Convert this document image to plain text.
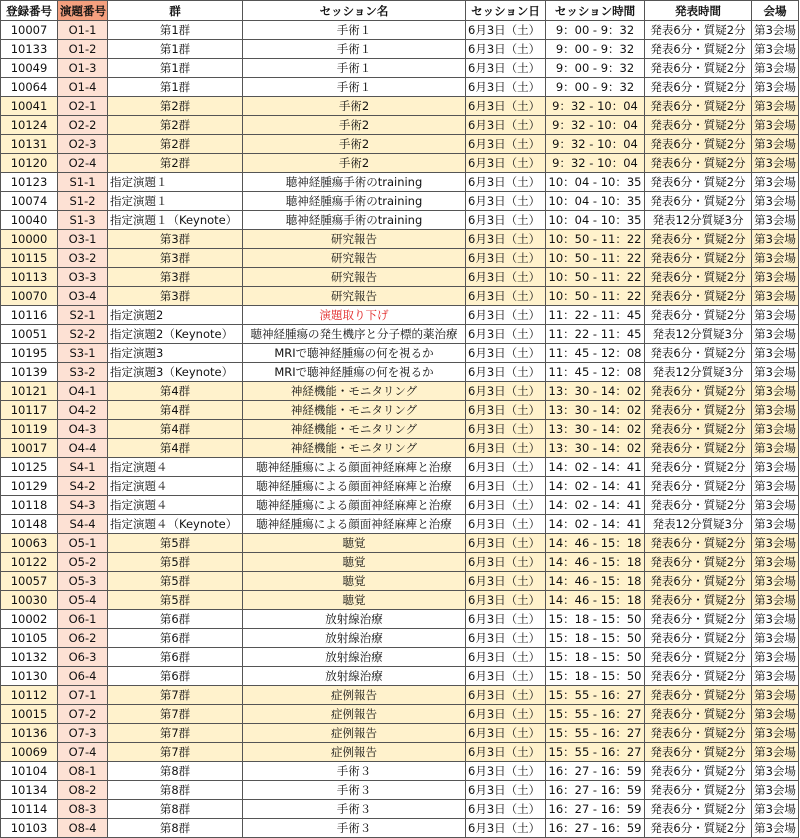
登録番号	演題番号	群	セッション名	セッション日	セッション時間	発表時間	会場
10007	O1-1	第1群	手術１	6月3日（土）	9：00 - 9：32	発表6分・質疑2分	第3会場
10133	O1-2	第1群	手術１	6月3日（土）	9：00 - 9：32	発表6分・質疑2分	第3会場
10049	O1-3	第1群	手術１	6月3日（土）	9：00 - 9：32	発表6分・質疑2分	第3会場
10064	O1-4	第1群	手術１	6月3日（土）	9：00 - 9：32	発表6分・質疑2分	第3会場
10041	O2-1	第2群	手術2	6月3日（土）	9：32 - 10：04	発表6分・質疑2分	第3会場
10124	O2-2	第2群	手術2	6月3日（土）	9：32 - 10：04	発表6分・質疑2分	第3会場
10131	O2-3	第2群	手術2	6月3日（土）	9：32 - 10：04	発表6分・質疑2分	第3会場
10120	O2-4	第2群	手術2	6月3日（土）	9：32 - 10：04	発表6分・質疑2分	第3会場
10123	S1-1	指定演題１	聴神経腫瘍手術のtraining	6月3日（土）	10：04 - 10：35	発表6分・質疑2分	第3会場
10074	S1-2	指定演題１	聴神経腫瘍手術のtraining	6月3日（土）	10：04 - 10：35	発表6分・質疑2分	第3会場
10040	S1-3	指定演題１（Keynote）	聴神経腫瘍手術のtraining	6月3日（土）	10：04 - 10：35	発表12分質疑3分	第3会場
10000	O3-1	第3群	研究報告	6月3日（土）	10：50 - 11：22	発表6分・質疑2分	第3会場
10115	O3-2	第3群	研究報告	6月3日（土）	10：50 - 11：22	発表6分・質疑2分	第3会場
10113	O3-3	第3群	研究報告	6月3日（土）	10：50 - 11：22	発表6分・質疑2分	第3会場
10070	O3-4	第3群	研究報告	6月3日（土）	10：50 - 11：22	発表6分・質疑2分	第3会場
10116	S2-1	指定演題2	演題取り下げ	6月3日（土）	11：22 - 11：45	発表6分・質疑2分	第3会場
10051	S2-2	指定演題2（Keynote）	聴神経腫瘍の発生機序と分子標的薬治療	6月3日（土）	11：22 - 11：45	発表12分質疑3分	第3会場
10195	S3-1	指定演題3	MRIで聴神経腫瘍の何を視るか	6月3日（土）	11：45 - 12：08	発表6分・質疑2分	第3会場
10139	S3-2	指定演題3（Keynote）	MRIで聴神経腫瘍の何を視るか	6月3日（土）	11：45 - 12：08	発表12分質疑3分	第3会場
10121	O4-1	第4群	神経機能・モニタリング	6月3日（土）	13：30 - 14：02	発表6分・質疑2分	第3会場
10117	O4-2	第4群	神経機能・モニタリング	6月3日（土）	13：30 - 14：02	発表6分・質疑2分	第3会場
10119	O4-3	第4群	神経機能・モニタリング	6月3日（土）	13：30 - 14：02	発表6分・質疑2分	第3会場
10017	O4-4	第4群	神経機能・モニタリング	6月3日（土）	13：30 - 14：02	発表6分・質疑2分	第3会場
10125	S4-1	指定演題４	聴神経腫瘍による顔面神経麻痺と治療	6月3日（土）	14：02 - 14：41	発表6分・質疑2分	第3会場
10129	S4-2	指定演題４	聴神経腫瘍による顔面神経麻痺と治療	6月3日（土）	14：02 - 14：41	発表6分・質疑2分	第3会場
10118	S4-3	指定演題４	聴神経腫瘍による顔面神経麻痺と治療	6月3日（土）	14：02 - 14：41	発表6分・質疑2分	第3会場
10148	S4-4	指定演題４（Keynote）	聴神経腫瘍による顔面神経麻痺と治療	6月3日（土）	14：02 - 14：41	発表12分質疑3分	第3会場
10063	O5-1	第5群	聴覚	6月3日（土）	14：46 - 15：18	発表6分・質疑2分	第3会場
10122	O5-2	第5群	聴覚	6月3日（土）	14：46 - 15：18	発表6分・質疑2分	第3会場
10057	O5-3	第5群	聴覚	6月3日（土）	14：46 - 15：18	発表6分・質疑2分	第3会場
10030	O5-4	第5群	聴覚	6月3日（土）	14：46 - 15：18	発表6分・質疑2分	第3会場
10002	O6-1	第6群	放射線治療	6月3日（土）	15：18 - 15：50	発表6分・質疑2分	第3会場
10105	O6-2	第6群	放射線治療	6月3日（土）	15：18 - 15：50	発表6分・質疑2分	第3会場
10132	O6-3	第6群	放射線治療	6月3日（土）	15：18 - 15：50	発表6分・質疑2分	第3会場
10130	O6-4	第6群	放射線治療	6月3日（土）	15：18 - 15：50	発表6分・質疑2分	第3会場
10112	O7-1	第7群	症例報告	6月3日（土）	15：55 - 16：27	発表6分・質疑2分	第3会場
10015	O7-2	第7群	症例報告	6月3日（土）	15：55 - 16：27	発表6分・質疑2分	第3会場
10136	O7-3	第7群	症例報告	6月3日（土）	15：55 - 16：27	発表6分・質疑2分	第3会場
10069	O7-4	第7群	症例報告	6月3日（土）	15：55 - 16：27	発表6分・質疑2分	第3会場
10104	O8-1	第8群	手術３	6月3日（土）	16：27 - 16：59	発表6分・質疑2分	第3会場
10134	O8-2	第8群	手術３	6月3日（土）	16：27 - 16：59	発表6分・質疑2分	第3会場
10114	O8-3	第8群	手術３	6月3日（土）	16：27 - 16：59	発表6分・質疑2分	第3会場
10103	O8-4	第8群	手術３	6月3日（土）	16：27 - 16：59	発表6分・質疑2分	第3会場
